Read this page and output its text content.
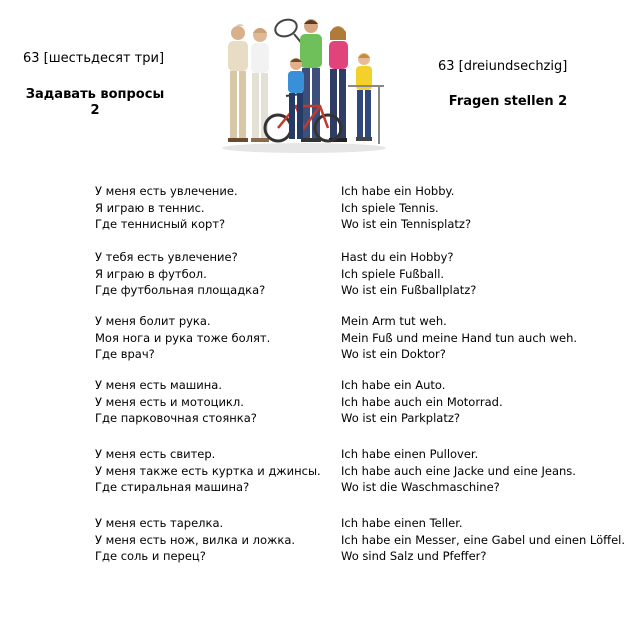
63 [шестьдесят три]
Задавать вопросы
2
63 [dreiundsechzig]
Fragen stellen 2
У меня есть увлечение.
Я играю в теннис.
Где теннисный корт?
Ich habe ein Hobby.
Ich spiele Tennis.
Wo ist ein Tennisplatz?
У тебя есть увлечение?
Я играю в футбол.
Где футбольная площадка?
Hast du ein Hobby?
Ich spiele Fußball.
Wo ist ein Fußballplatz?
У меня болит рука.
Моя нога и рука тоже болят.
Где врач?
Mein Arm tut weh.
Mein Fuß und meine Hand tun auch weh.
Wo ist ein Doktor?
У меня есть машина.
У меня есть и мотоцикл.
Где парковочная стоянка?
Ich habe ein Auto.
Ich habe auch ein Motorrad.
Wo ist ein Parkplatz?
У меня есть свитер.
У меня также есть куртка и джинсы.
Где стиральная машина?
Ich habe einen Pullover.
Ich habe auch eine Jacke und eine Jeans.
Wo ist die Waschmaschine?
У меня есть тарелка.
У меня есть нож, вилка и ложка.
Где соль и перец?
Ich habe einen Teller.
Ich habe ein Messer, eine Gabel und einen Löffel.
Wo sind Salz und Pfeffer?
